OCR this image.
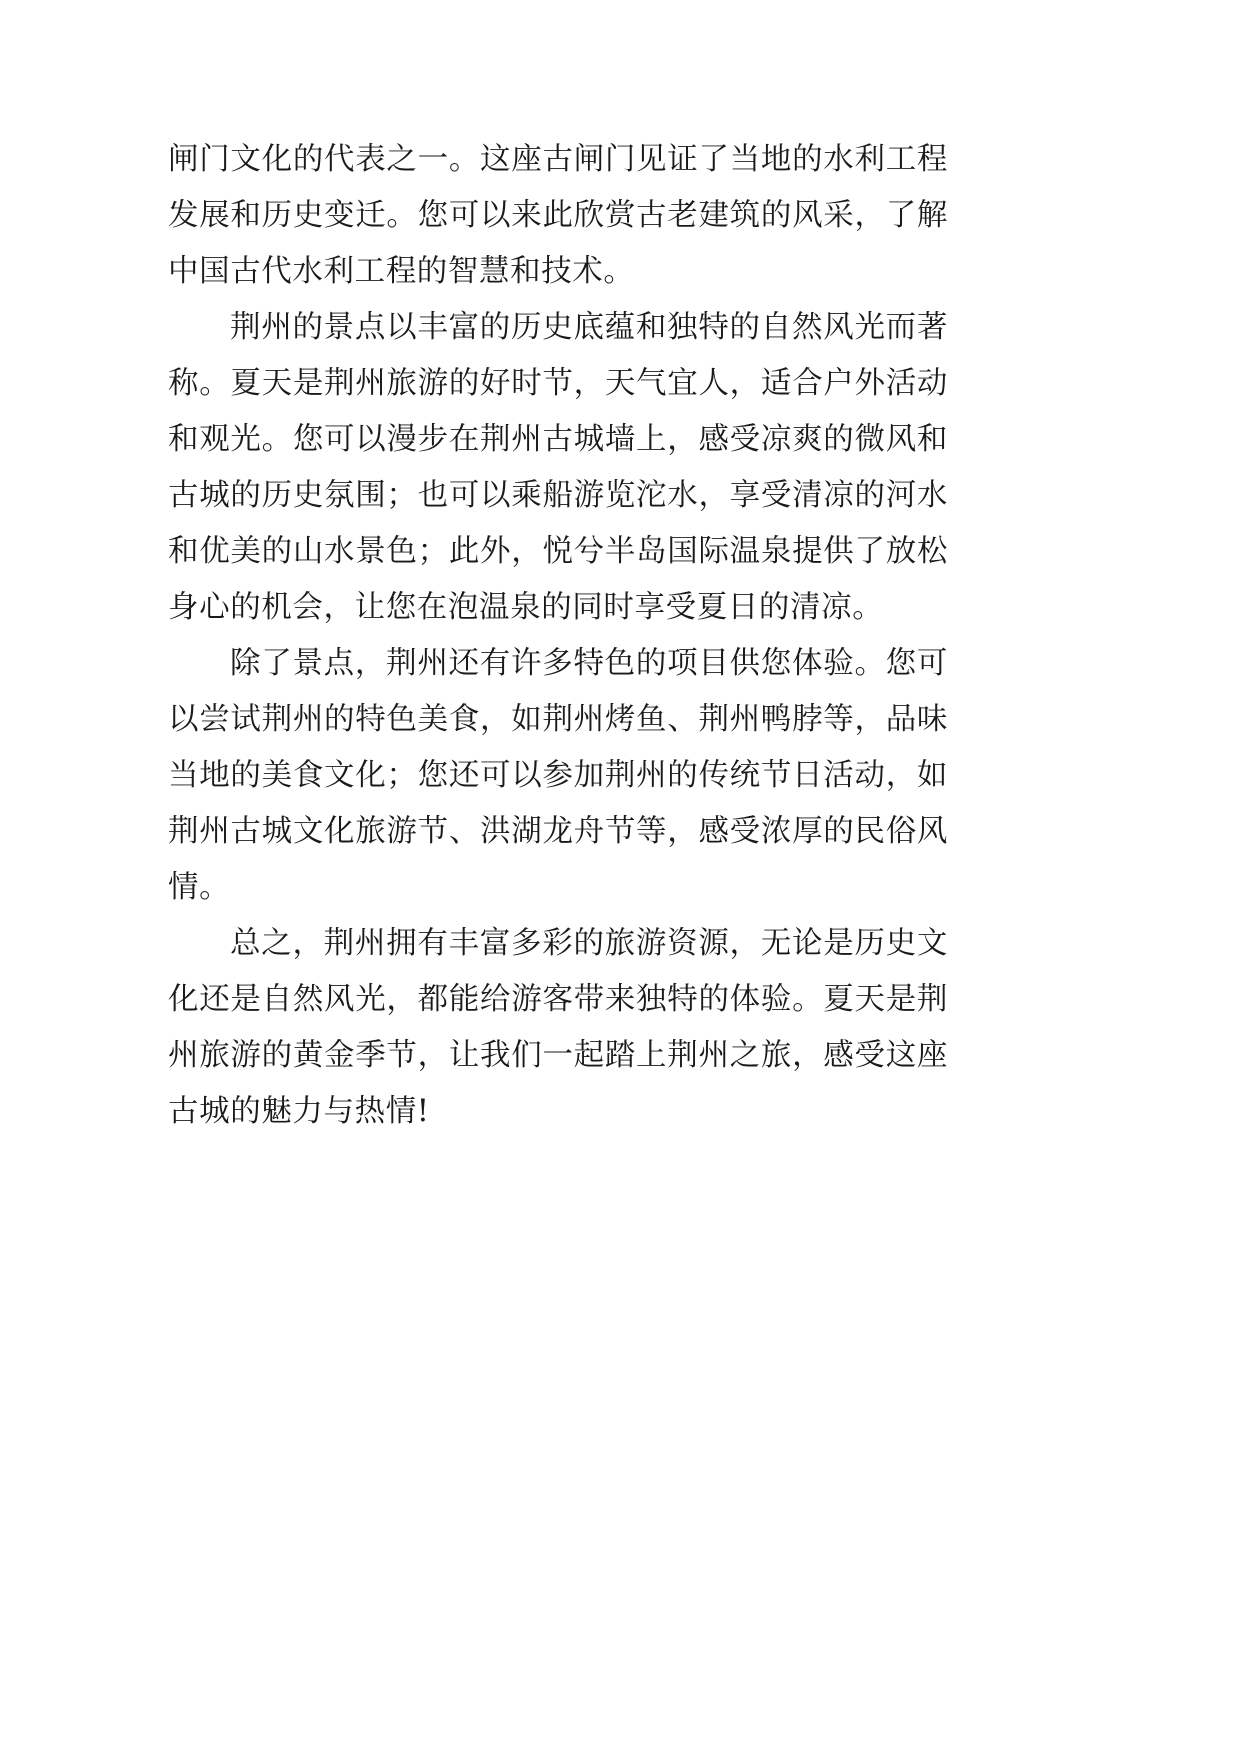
闸门文化的代表之一。这座古闸门见证了当地的水利工程发展和历史变迁。您可以来此欣赏古老建筑的风采，了解中国古代水利工程的智慧和技术。

荆州的景点以丰富的历史底蕴和独特的自然风光而著称。夏天是荆州旅游的好时节，天气宜人，适合户外活动和观光。您可以漫步在荆州古城墙上，感受凉爽的微风和古城的历史氛围；也可以乘船游览沱水，享受清凉的河水和优美的山水景色；此外，悦兮半岛国际温泉提供了放松身心的机会，让您在泡温泉的同时享受夏日的清凉。

除了景点，荆州还有许多特色的项目供您体验。您可以尝试荆州的特色美食，如荆州烤鱼、荆州鸭脖等，品味当地的美食文化；您还可以参加荆州的传统节日活动，如荆州古城文化旅游节、洪湖龙舟节等，感受浓厚的民俗风情。

总之，荆州拥有丰富多彩的旅游资源，无论是历史文化还是自然风光，都能给游客带来独特的体验。夏天是荆州旅游的黄金季节，让我们一起踏上荆州之旅，感受这座古城的魅力与热情!
